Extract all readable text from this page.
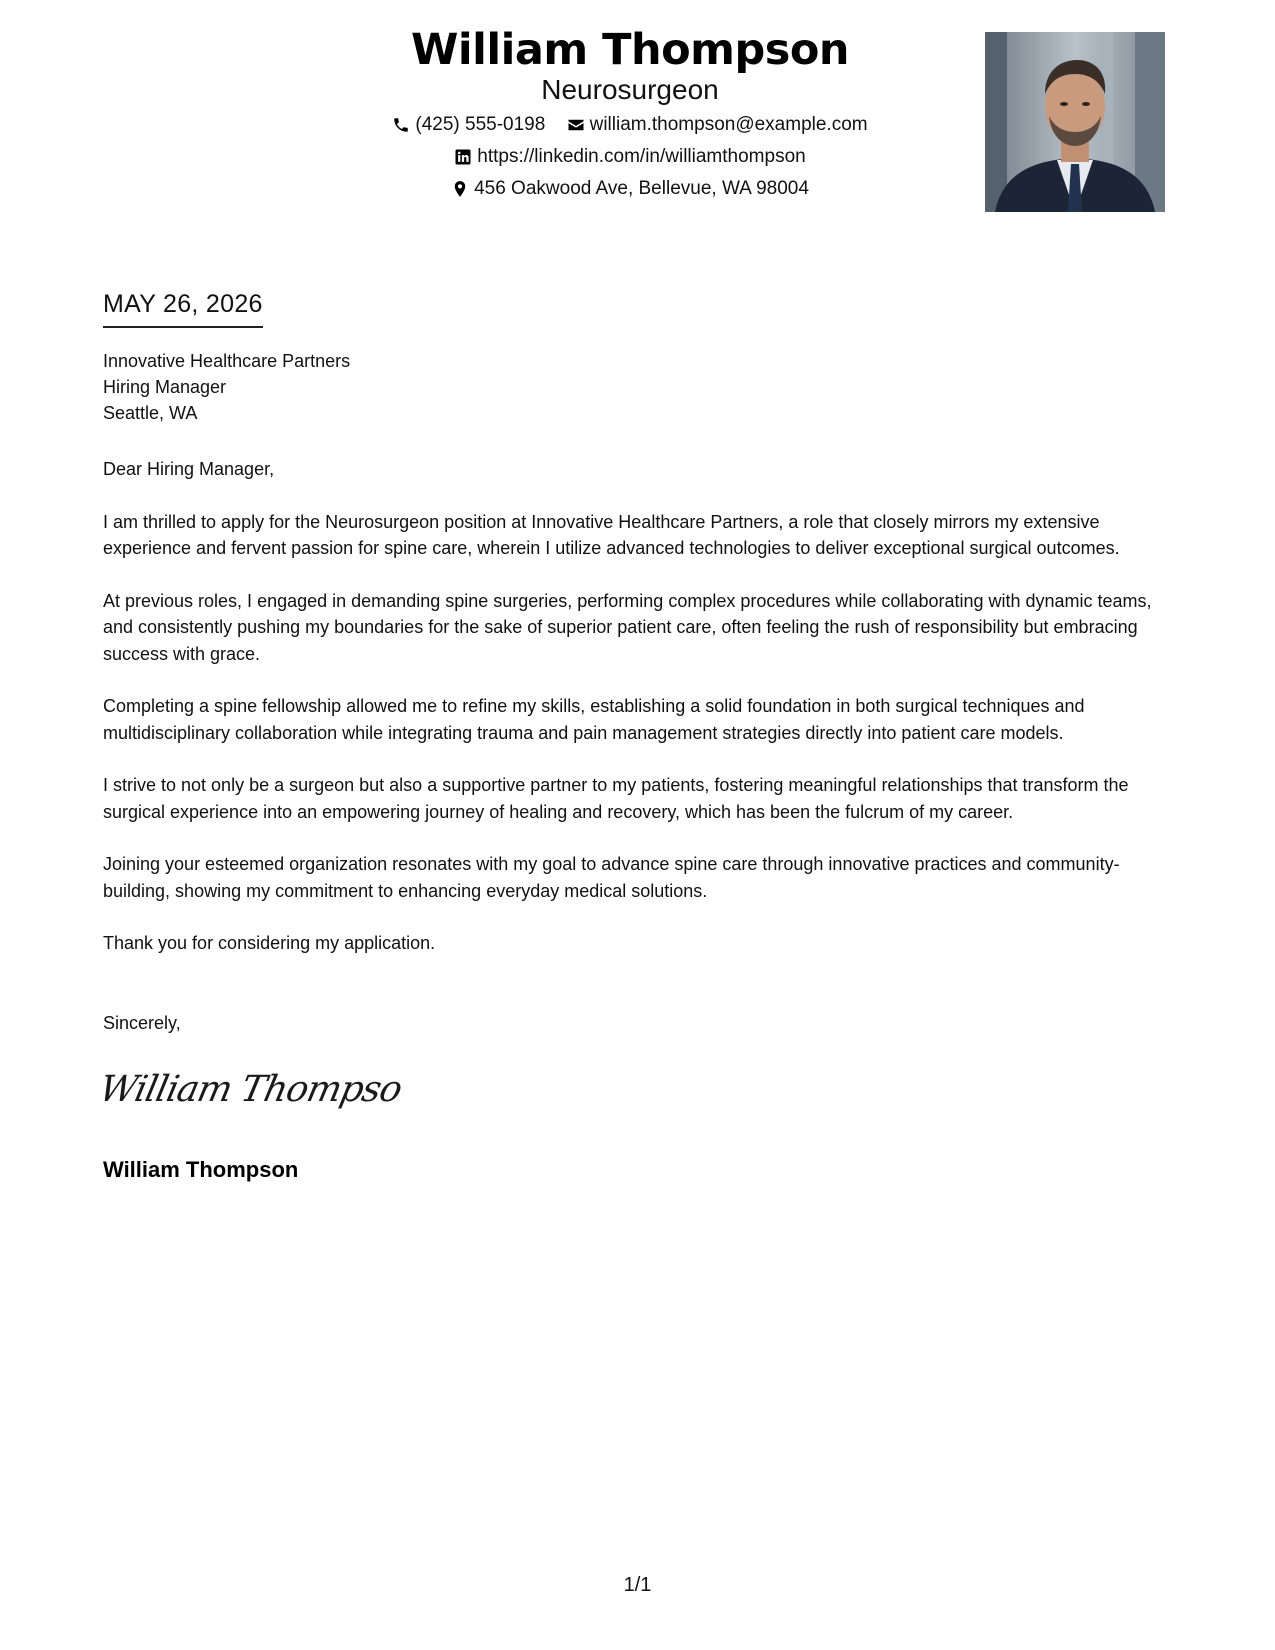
William Thompson
Neurosurgeon
(425) 555-0198
william.thompson@example.com
https://linkedin.com/in/williamthompson
456 Oakwood Ave, Bellevue, WA 98004
MAY 26, 2026
Innovative Healthcare Partners
Hiring Manager
Seattle, WA

Dear Hiring Manager,

I am thrilled to apply for the Neurosurgeon position at Innovative Healthcare Partners, a role that closely mirrors my extensive experience and fervent passion for spine care, wherein I utilize advanced technologies to deliver exceptional surgical outcomes.

At previous roles, I engaged in demanding spine surgeries, performing complex procedures while collaborating with dynamic teams, and consistently pushing my boundaries for the sake of superior patient care, often feeling the rush of responsibility but embracing success with grace.

Completing a spine fellowship allowed me to refine my skills, establishing a solid foundation in both surgical techniques and multidisciplinary collaboration while integrating trauma and pain management strategies directly into patient care models.

I strive to not only be a surgeon but also a supportive partner to my patients, fostering meaningful relationships that transform the surgical experience into an empowering journey of healing and recovery, which has been the fulcrum of my career.

Joining your esteemed organization resonates with my goal to advance spine care through innovative practices and community-building, showing my commitment to enhancing everyday medical solutions.

Thank you for considering my application.

Sincerely,
William Thompso
William Thompson
1/1
